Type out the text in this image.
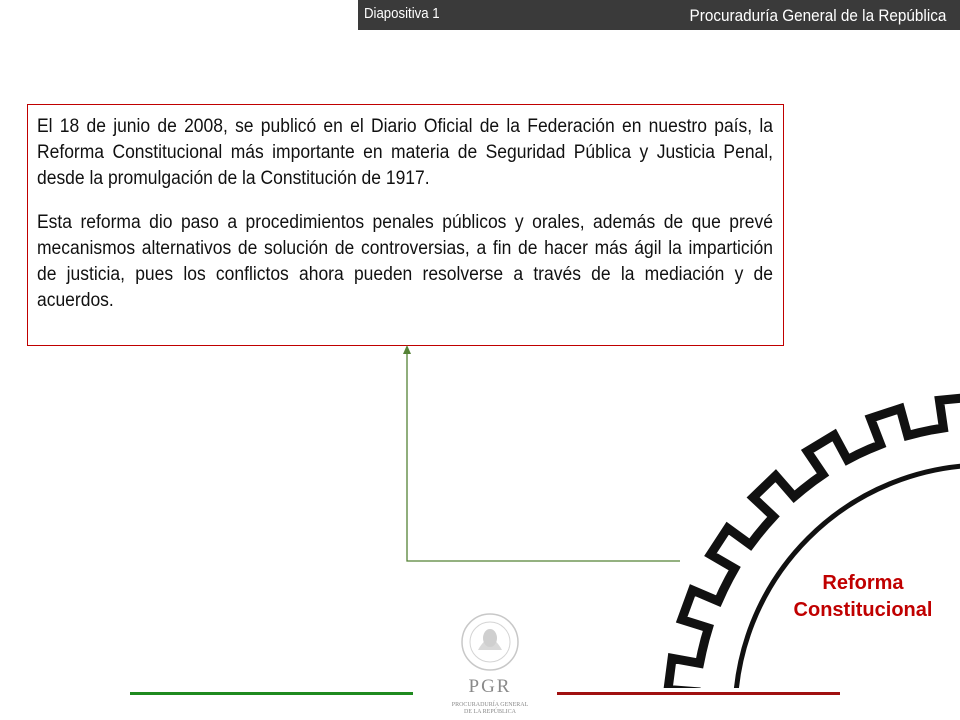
Diapositiva 1	Procuraduría General de la República

El 18 de junio de 2008, se publicó en el Diario Oficial de la Federación en nuestro país, la Reforma Constitucional más importante en materia de Seguridad Pública y Justicia Penal, desde la promulgación de la Constitución de 1917.

Esta reforma dio paso a procedimientos penales públicos y orales, además de que prevé mecanismos alternativos de solución de controversias, a fin de hacer más ágil la impartición de justicia, pues los conflictos ahora pueden resolverse a través de la mediación y de acuerdos.

Reforma
Constitucional
PGR
PROCURADURÍA GENERAL
DE LA REPÚBLICA
